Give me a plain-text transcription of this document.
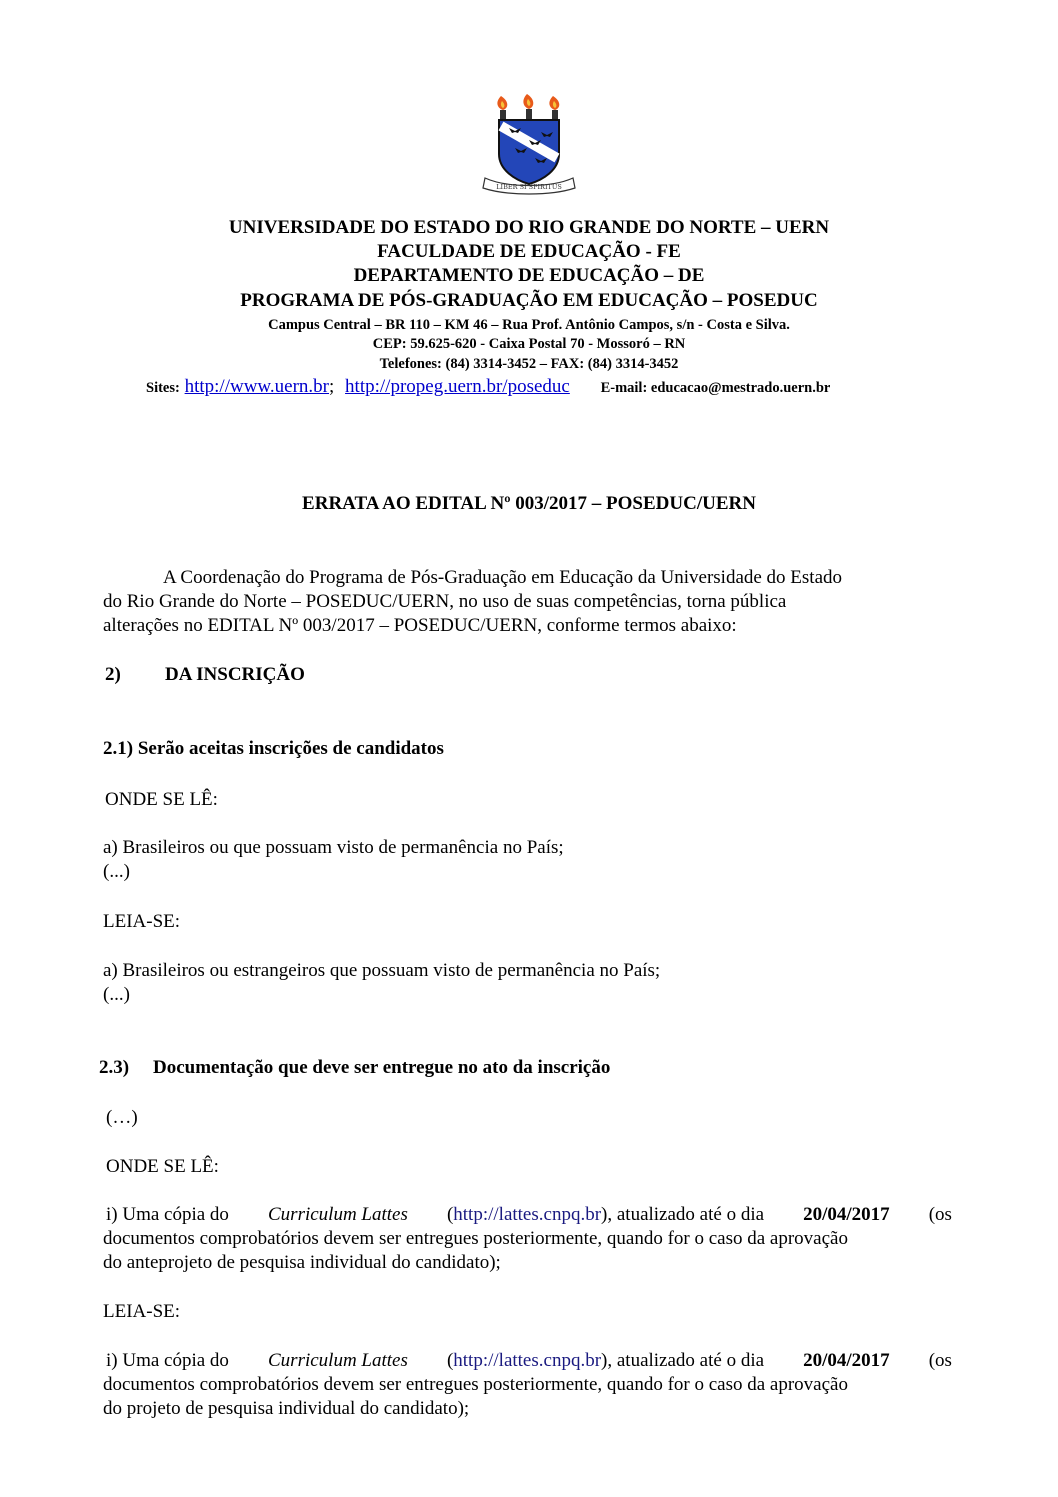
LIBER SI SPIRITUS
UNIVERSIDADE DO ESTADO DO RIO GRANDE DO NORTE – UERN
FACULDADE DE EDUCAÇÃO - FE
DEPARTAMENTO DE EDUCAÇÃO – DE
PROGRAMA DE PÓS-GRADUAÇÃO EM EDUCAÇÃO – POSEDUC
Campus Central – BR 110 – KM 46 – Rua Prof. Antônio Campos, s/n - Costa e Silva.
CEP: 59.625-620 - Caixa Postal 70 - Mossoró – RN
Telefones: (84) 3314-3452 – FAX: (84) 3314-3452
Sites: http://www.uern.br; http://propeg.uern.br/poseduc E-mail: educacao@mestrado.uern.br
ERRATA AO EDITAL Nº 003/2017 – POSEDUC/UERN
A Coordenação do Programa de Pós-Graduação em Educação da Universidade do Estado
do Rio Grande do Norte – POSEDUC/UERN, no uso de suas competências, torna pública
alterações no EDITAL Nº 003/2017 – POSEDUC/UERN, conforme termos abaixo:
2) DA INSCRIÇÃO
2.1) Serão aceitas inscrições de candidatos
ONDE SE LÊ:
a) Brasileiros ou que possuam visto de permanência no País;
(...)
LEIA-SE:
a) Brasileiros ou estrangeiros que possuam visto de permanência no País;
(...)
2.3) Documentação que deve ser entregue no ato da inscrição
(…)
ONDE SE LÊ:
i) Uma cópia do Curriculum Lattes (http://lattes.cnpq.br), atualizado até o dia 20/04/2017 (os
documentos comprobatórios devem ser entregues posteriormente, quando for o caso da aprovação
do anteprojeto de pesquisa individual do candidato);
LEIA-SE:
i) Uma cópia do Curriculum Lattes (http://lattes.cnpq.br), atualizado até o dia 20/04/2017 (os
documentos comprobatórios devem ser entregues posteriormente, quando for o caso da aprovação
do projeto de pesquisa individual do candidato);
